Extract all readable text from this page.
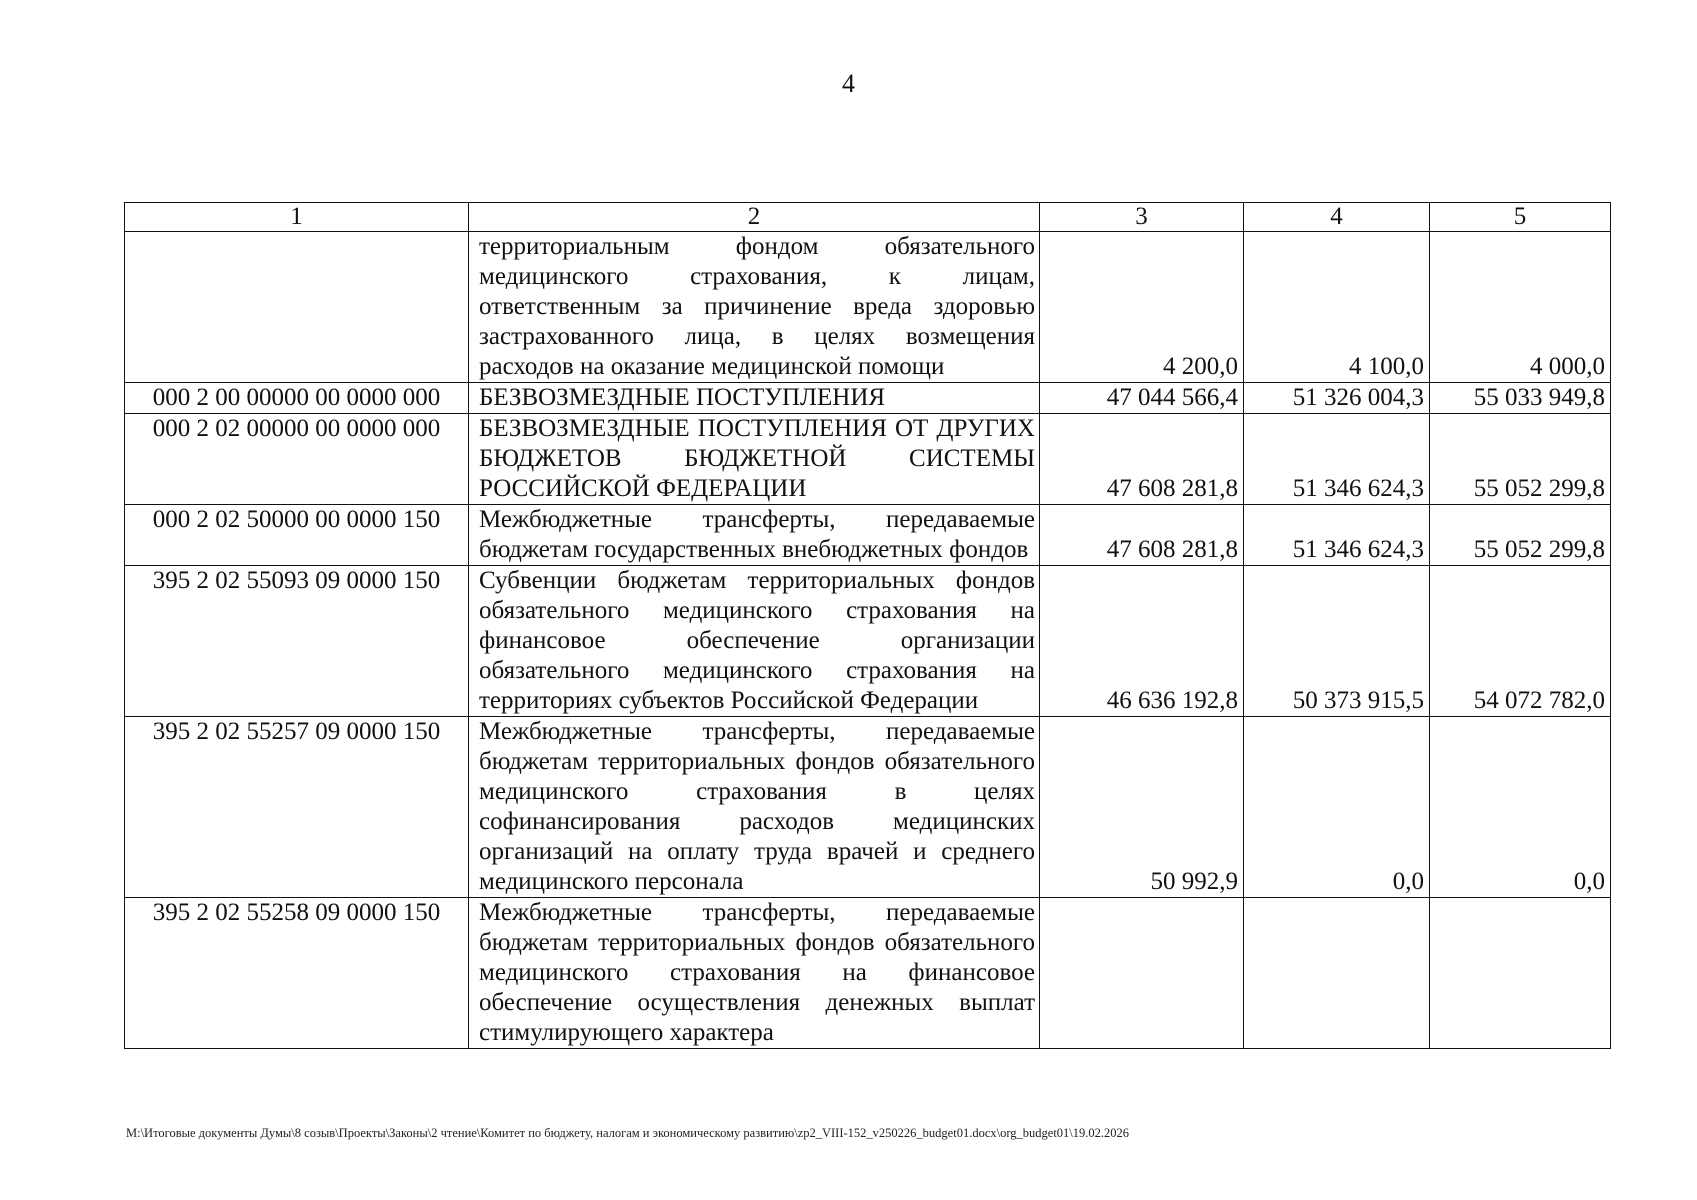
4
1	2	3	4	5

	территориальным фондом обязательного медицинского страхования, к лицам, ответственным за причинение вреда здоровью застрахованного лица, в целях возмещения расходов на оказание медицинской помощи	4 200,0	4 100,0	4 000,0
000 2 00 00000 00 0000 000	БЕЗВОЗМЕЗДНЫЕ ПОСТУПЛЕНИЯ	47 044 566,4	51 326 004,3	55 033 949,8
000 2 02 00000 00 0000 000	БЕЗВОЗМЕЗДНЫЕ ПОСТУПЛЕНИЯ ОТ ДРУГИХ БЮДЖЕТОВ БЮДЖЕТНОЙ СИСТЕМЫ РОССИЙСКОЙ ФЕДЕРАЦИИ	47 608 281,8	51 346 624,3	55 052 299,8
000 2 02 50000 00 0000 150	Межбюджетные трансферты, передаваемые бюджетам государственных внебюджетных фондов	47 608 281,8	51 346 624,3	55 052 299,8
395 2 02 55093 09 0000 150	Субвенции бюджетам территориальных фондов обязательного медицинского страхования на финансовое обеспечение организации обязательного медицинского страхования на территориях субъектов Российской Федерации	46 636 192,8	50 373 915,5	54 072 782,0
395 2 02 55257 09 0000 150	Межбюджетные трансферты, передаваемые бюджетам территориальных фондов обязательного медицинского страхования в целях софинансирования расходов медицинских организаций на оплату труда врачей и среднего медицинского персонала	50 992,9	0,0	0,0
395 2 02 55258 09 0000 150	Межбюджетные трансферты, передаваемые бюджетам территориальных фондов обязательного медицинского страхования на финансовое обеспечение осуществления денежных выплат стимулирующего характера			

M:\Итоговые документы Думы\8 созыв\Проекты\Законы\2 чтение\Комитет по бюджету, налогам и экономическому развитию\zp2_VIII-152_v250226_budget01.docx\org_budget01\19.02.2026
